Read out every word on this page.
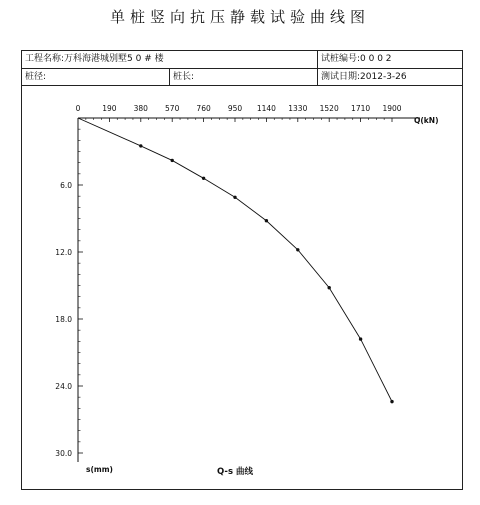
单桩竖向抗压静载试验曲线图
工程名称:万科海港城别墅5 0 # 楼	试桩编号:0 0 0 2
桩径:	桩长:	测试日期:2012-3-26
0	190 380 570 760 950 1140 1330 1520 1710 1900
6.0
12.0
18.0
24.0
30.0
Q(kN)
s(mm)	Q-s 曲线
